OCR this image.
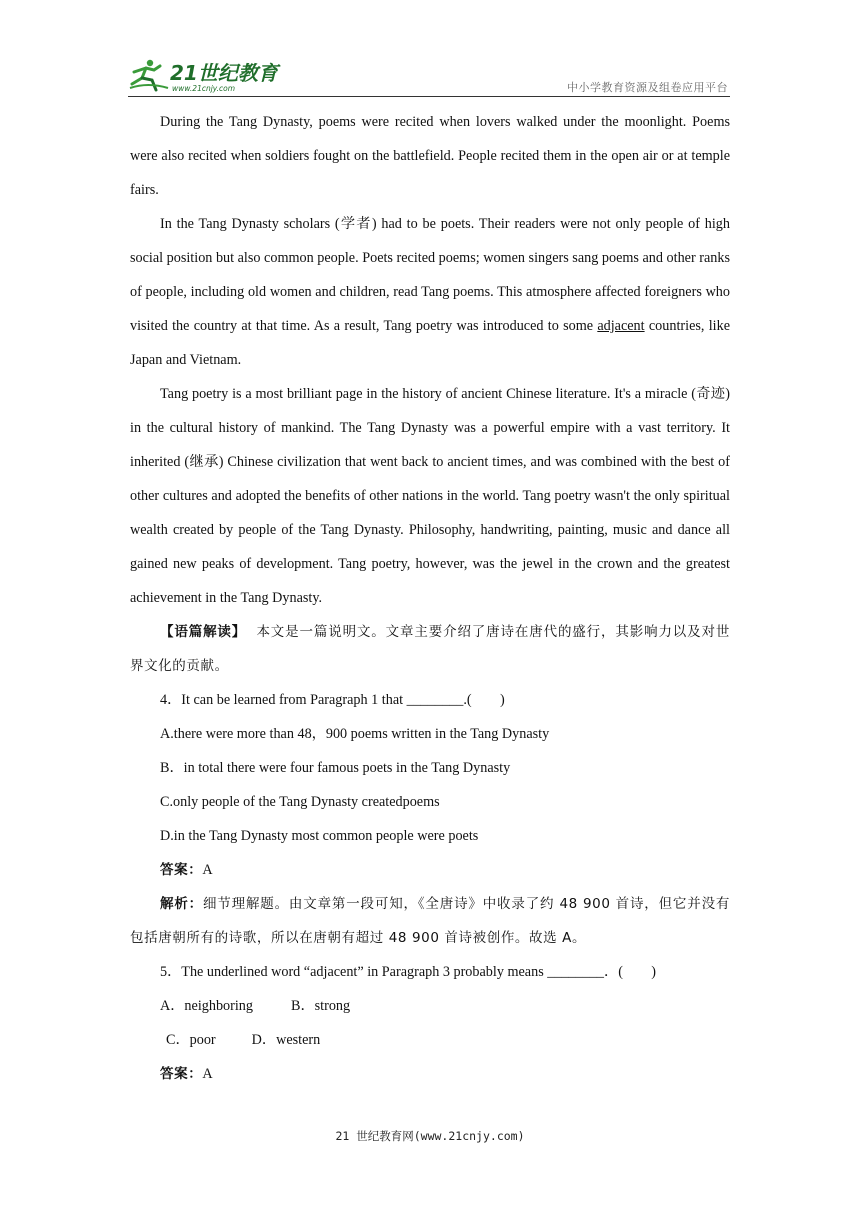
21世纪教育
www.21cnjy.com	中小学教育资源及组卷应用平台

During the Tang Dynasty, poems were recited when lovers walked under the moonlight. Poems were also recited when soldiers fought on the battlefield. People recited them in the open air or at temple fairs.

In the Tang Dynasty scholars (学者) had to be poets. Their readers were not only people of high social position but also common people. Poets recited poems; women singers sang poems and other ranks of people, including old women and children, read Tang poems. This atmosphere affected foreigners who visited the country at that time. As a result, Tang poetry was introduced to some adjacent countries, like Japan and Vietnam.

Tang poetry is a most brilliant page in the history of ancient Chinese literature. It's a miracle (奇迹) in the cultural history of mankind. The Tang Dynasty was a powerful empire with a vast territory. It inherited (继承) Chinese civilization that went back to ancient times, and was combined with the best of other cultures and adopted the benefits of other nations in the world. Tang poetry wasn't the only spiritual wealth created by people of the Tang Dynasty. Philosophy, handwriting, painting, music and dance all gained new peaks of development. Tang poetry, however, was the jewel in the crown and the greatest achievement in the Tang Dynasty.

【语篇解读】 本文是一篇说明文。文章主要介绍了唐诗在唐代的盛行，其影响力以及对世界文化的贡献。

4．It can be learned from Paragraph 1 that ________.(　　)

A.there were more than 48，900 poems written in the Tang Dynasty

B．in total there were four famous poets in the Tang Dynasty

C.only people of the Tang Dynasty createdpoems

D.in the Tang Dynasty most common people were poets

答案：A

解析：细节理解题。由文章第一段可知，《全唐诗》中收录了约 48 900 首诗，但它并没有包括唐朝所有的诗歌，所以在唐朝有超过 48 900 首诗被创作。故选 A。

5．The underlined word “adjacent” in Paragraph 3 probably means ________．(　　)

A．neighboring	B．strong

C．poor	D．western

答案：A

21 世纪教育网(www.21cnjy.com)
